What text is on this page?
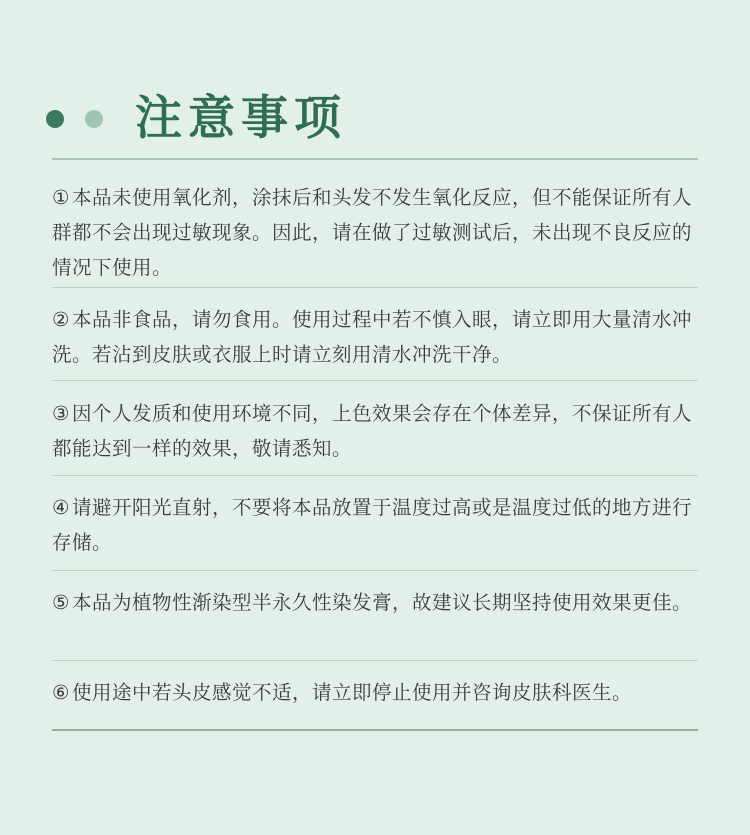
注意事项
① 本品未使用氧化剂，涂抹后和头发不发生氧化反应，但不能保证所有人群都不会出现过敏现象。因此，请在做了过敏测试后，未出现不良反应的情况下使用。
② 本品非食品，请勿食用。使用过程中若不慎入眼，请立即用大量清水冲洗。若沾到皮肤或衣服上时请立刻用清水冲洗干净。
③ 因个人发质和使用环境不同，上色效果会存在个体差异，不保证所有人都能达到一样的效果，敬请悉知。
④ 请避开阳光直射，不要将本品放置于温度过高或是温度过低的地方进行存储。
⑤ 本品为植物性渐染型半永久性染发膏，故建议长期坚持使用效果更佳。
⑥ 使用途中若头皮感觉不适，请立即停止使用并咨询皮肤科医生。
